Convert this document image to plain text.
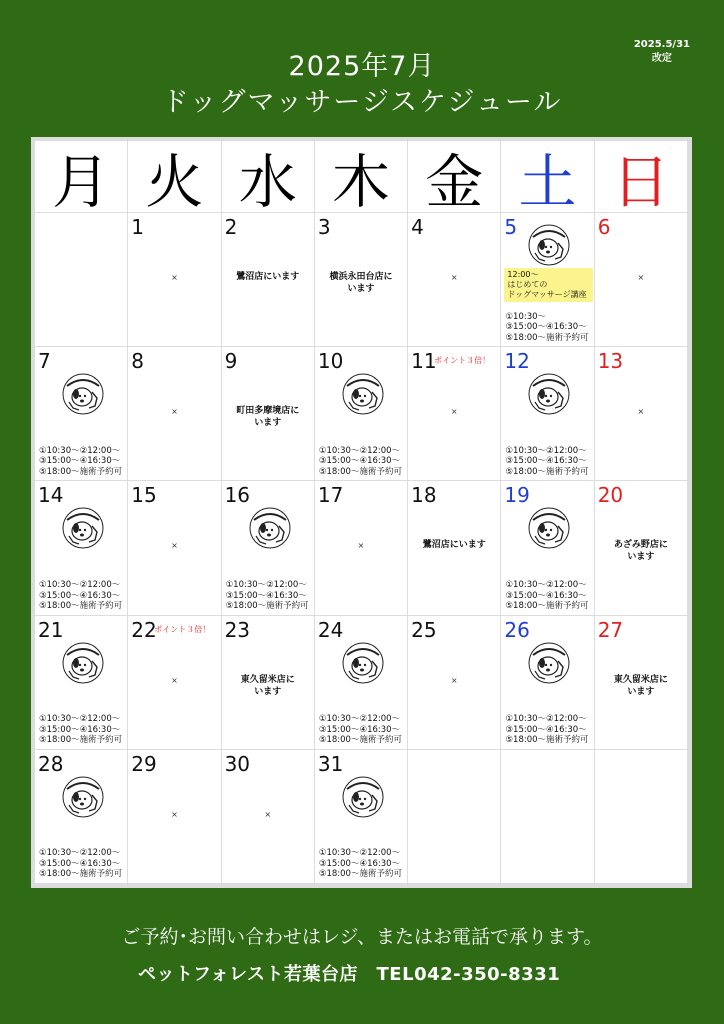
2025年7月
ドッグマッサージスケジュール
2025.5/31
改定
月 火 水 木 金 土 日
1
×
2
鷺沼店にいます
3
横浜永田台店に
います
4
×
5
12:00～
はじめての
ドッグマッサージ講座
①10:30～
③15:00～④16:30～
⑤18:00～施術予約可
6
×
7
①10:30～②12:00～
③15:00～④16:30～
⑤18:00～施術予約可
8
×
9
町田多摩境店に
います
10
①10:30～②12:00～
③15:00～④16:30～
⑤18:00～施術予約可
11
ポイント３倍！
×
12
①10:30～②12:00～
③15:00～④16:30～
⑤18:00～施術予約可
13
×
14
①10:30～②12:00～
③15:00～④16:30～
⑤18:00～施術予約可
15
×
16
①10:30～②12:00～
③15:00～④16:30～
⑤18:00～施術予約可
17
×
18
鷺沼店にいます
19
①10:30～②12:00～
③15:00～④16:30～
⑤18:00～施術予約可
20
あざみ野店に
います
21
①10:30～②12:00～
③15:00～④16:30～
⑤18:00～施術予約可
22
ポイント３倍！
×
23
東久留米店に
います
24
①10:30～②12:00～
③15:00～④16:30～
⑤18:00～施術予約可
25
×
26
①10:30～②12:00～
③15:00～④16:30～
⑤18:00～施術予約可
27
東久留米店に
います
28
①10:30～②12:00～
③15:00～④16:30～
⑤18:00～施術予約可
29
×
30
×
31
①10:30～②12:00～
③15:00～④16:30～
⑤18:00～施術予約可
ご予約･お問い合わせはレジ、またはお電話で承ります。
ペットフォレスト若葉台店　TEL042-350-8331
